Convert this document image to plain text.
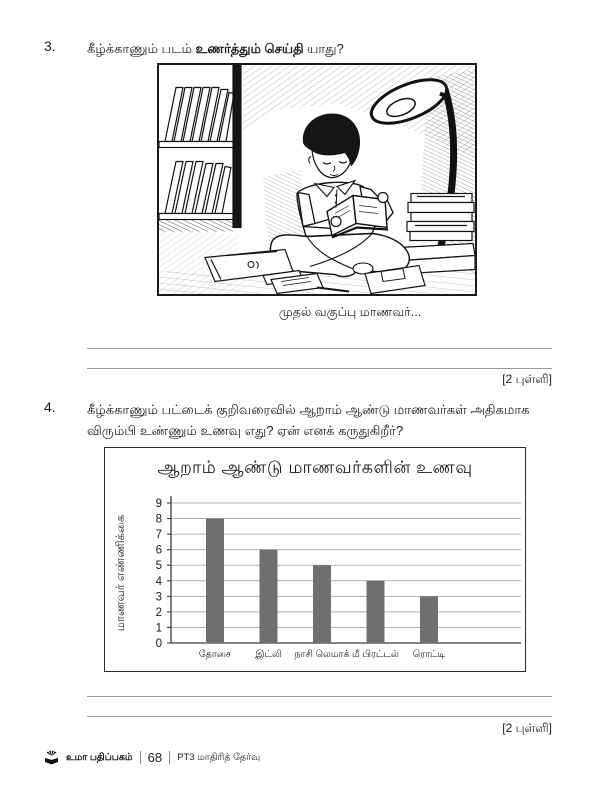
3. கீழ்க்காணும் படம் உணர்த்தும் செய்தி யாது?
முதல் வகுப்பு மாணவர்...
[2 புள்ளி]
4. கீழ்க்காணும் பட்டைக் குறிவரைவில் ஆறாம் ஆண்டு மாணவர்கள் அதிகமாக விரும்பி உண்ணும் உணவு எது? ஏன் எனக் கருதுகிறீர்?
ஆறாம் ஆண்டு மாணவர்களின் உணவு
மாணவர் எண்ணிக்கை
0
1
2
3
4
5
6
7
8
9
தோசை	இட்லி நாசி லெமாக் மீ பிரட்டல் ரொட்டி
[2 புள்ளி]
உமா பதிப்பகம் 68 PT3 மாதிரித் தேர்வு
